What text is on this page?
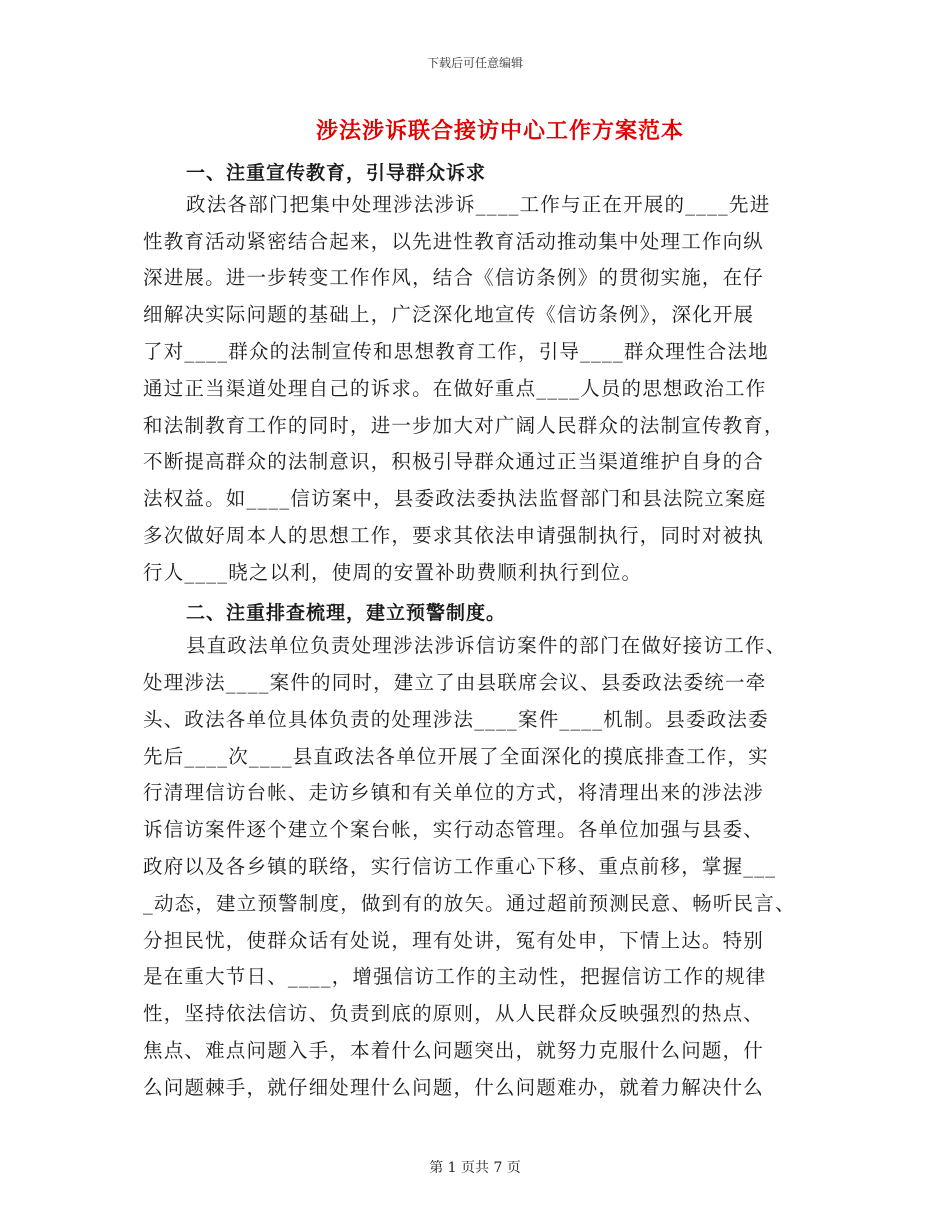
下载后可任意编辑
涉法涉诉联合接访中心工作方案范本
一、注重宣传教育，引导群众诉求
政法各部门把集中处理涉法涉诉____工作与正在开展的____先进
性教育活动紧密结合起来，以先进性教育活动推动集中处理工作向纵
深进展。进一步转变工作作风，结合《信访条例》的贯彻实施，在仔
细解决实际问题的基础上，广泛深化地宣传《信访条例》，深化开展
了对____群众的法制宣传和思想教育工作，引导____群众理性合法地
通过正当渠道处理自己的诉求。在做好重点____人员的思想政治工作
和法制教育工作的同时，进一步加大对广阔人民群众的法制宣传教育，
不断提高群众的法制意识，积极引导群众通过正当渠道维护自身的合
法权益。如____信访案中，县委政法委执法监督部门和县法院立案庭
多次做好周本人的思想工作，要求其依法申请强制执行，同时对被执
行人____晓之以利，使周的安置补助费顺利执行到位。
二、注重排查梳理，建立预警制度。
县直政法单位负责处理涉法涉诉信访案件的部门在做好接访工作、
处理涉法____案件的同时，建立了由县联席会议、县委政法委统一牵
头、政法各单位具体负责的处理涉法____案件____机制。县委政法委
先后____次____县直政法各单位开展了全面深化的摸底排查工作，实
行清理信访台帐、走访乡镇和有关单位的方式，将清理出来的涉法涉
诉信访案件逐个建立个案台帐，实行动态管理。各单位加强与县委、
政府以及各乡镇的联络，实行信访工作重心下移、重点前移，掌握___
_动态，建立预警制度，做到有的放矢。通过超前预测民意、畅听民言、
分担民忧，使群众话有处说，理有处讲，冤有处申，下情上达。特别
是在重大节日、____，增强信访工作的主动性，把握信访工作的规律
性，坚持依法信访、负责到底的原则，从人民群众反映强烈的热点、
焦点、难点问题入手，本着什么问题突出，就努力克服什么问题，什
么问题棘手，就仔细处理什么问题，什么问题难办，就着力解决什么
第 1 页共 7 页
